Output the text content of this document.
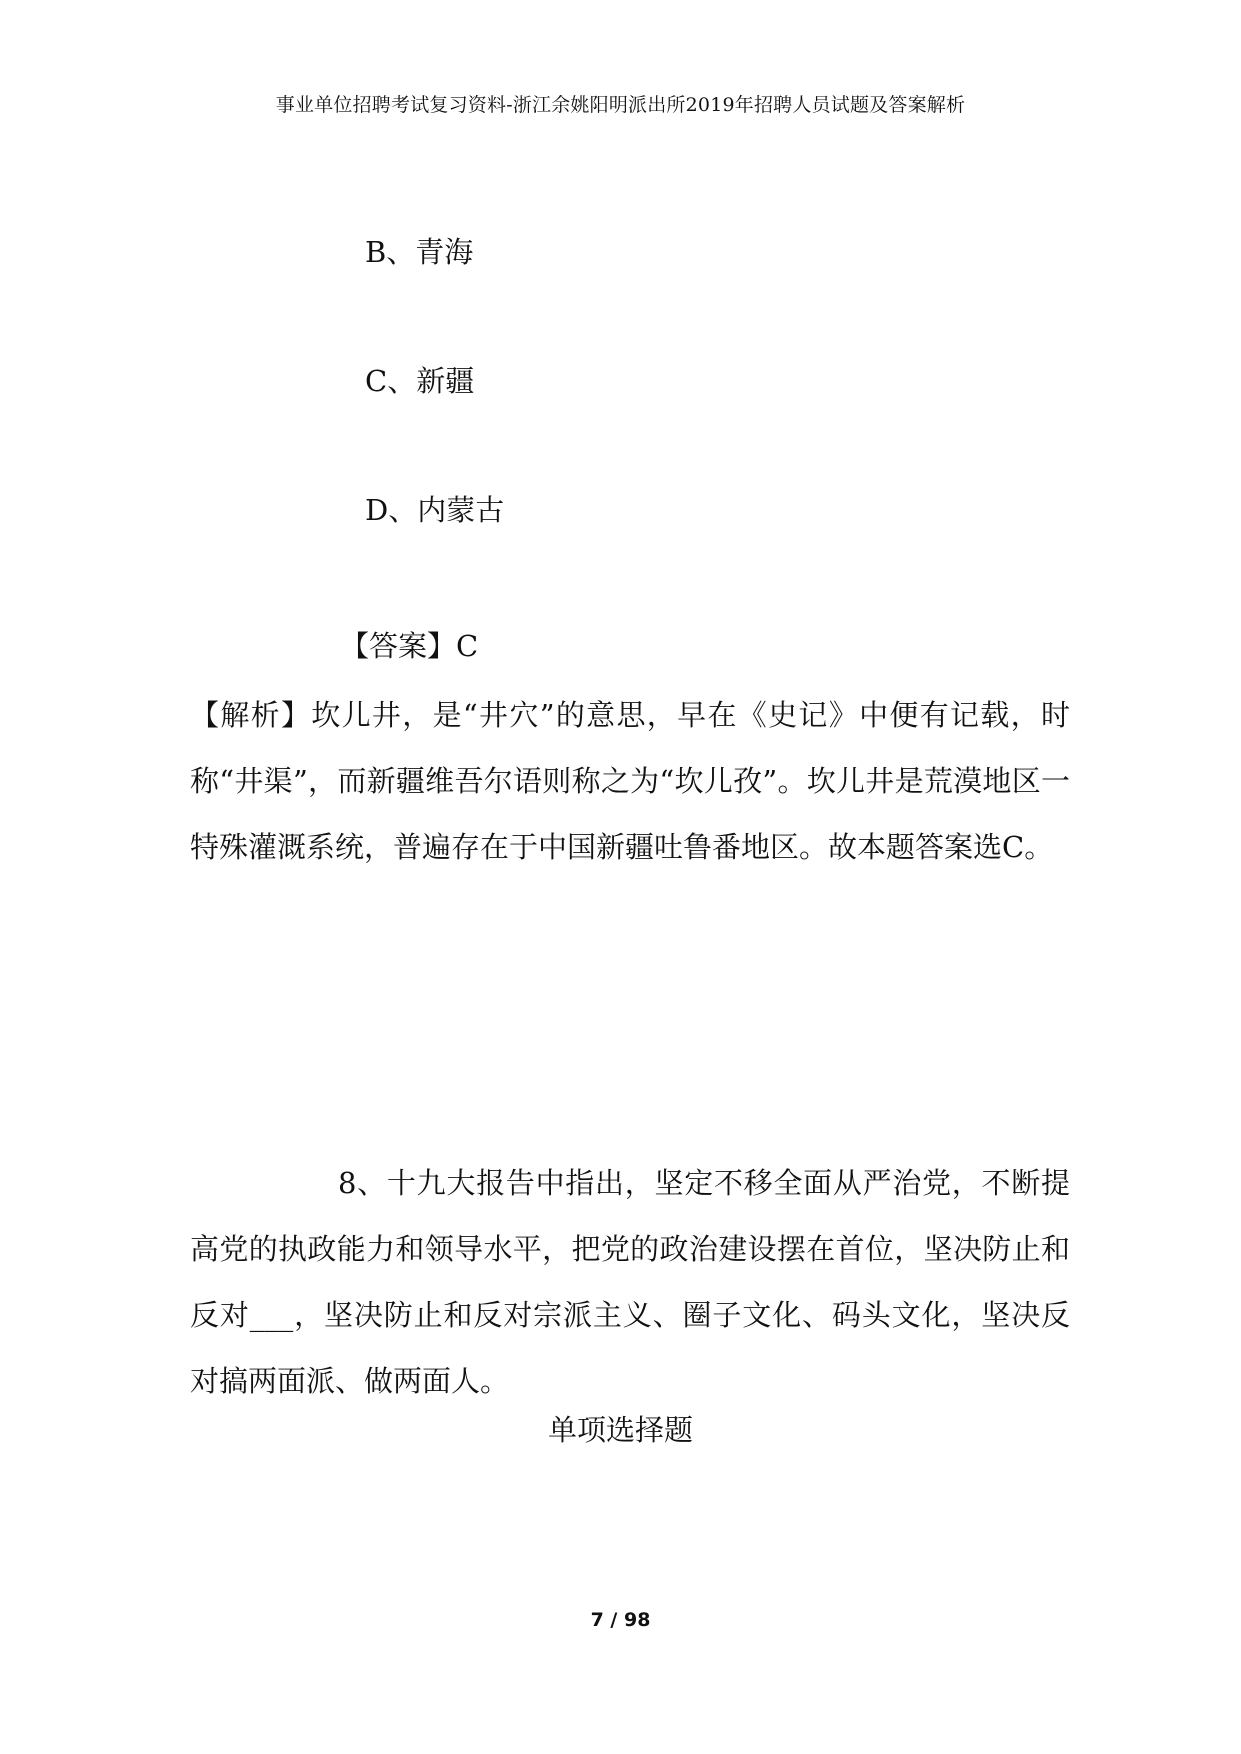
事业单位招聘考试复习资料-浙江余姚阳明派出所2019年招聘人员试题及答案解析
B、青海
C、新疆
D、内蒙古
【答案】C
【解析】坎儿井，是“井穴”的意思，早在《史记》中便有记载，时称“井渠”，而新疆维吾尔语则称之为“坎儿孜”。坎儿井是荒漠地区一特殊灌溉系统，普遍存在于中国新疆吐鲁番地区。故本题答案选C。
8、十九大报告中指出，坚定不移全面从严治党，不断提高党的执政能力和领导水平，把党的政治建设摆在首位，坚决防止和反对___，坚决防止和反对宗派主义、圈子文化、码头文化，坚决反对搞两面派、做两面人。
单项选择题
7 / 98
